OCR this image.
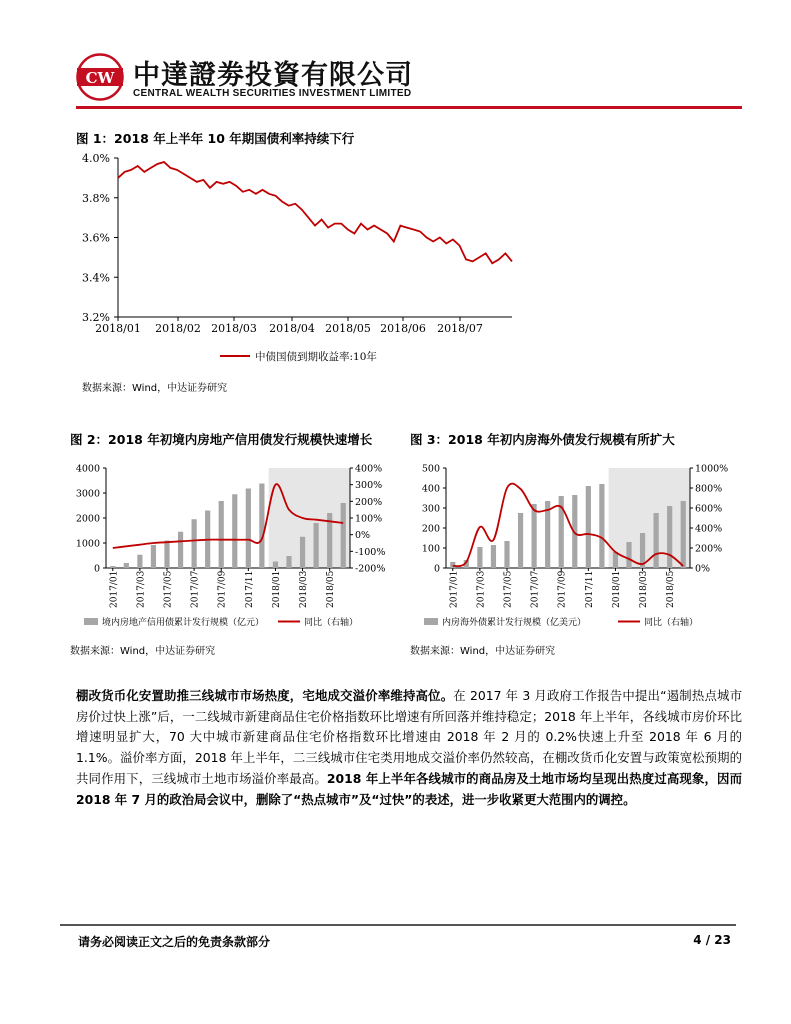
CW 中達證劵投資有限公司
CENTRAL WEALTH SECURITIES INVESTMENT LIMITED
图 1：2018 年上半年 10 年期国债利率持续下行
4.0%
3.8%
3.6%
3.4%
3.2%
2018/01 2018/02 2018/03 2018/04 2018/05 2018/06 2018/07
中债国债到期收益率:10年
数据来源：Wind，中达证券研究
图 2：2018 年初境内房地产信用债发行规模快速增长
4000
3000
2000
1000
0
400%
300%
200%
100%
0%
-100%
-200%
2017/01 2017/03 2017/05 2017/07 2017/09 2017/11 2018/01 2018/03 2018/05
境内房地产信用债累计发行规模（亿元）	同比（右轴）
数据来源：Wind，中达证券研究
图 3：2018 年初内房海外债发行规模有所扩大
500
400
300
200
100
0
1000%
800%
600%
400%
200%
0%
2017/01 2017/03 2017/05 2017/07 2017/09 2017/11 2018/01 2018/03 2018/05
内房海外债累计发行规模（亿美元）	同比（右轴）
数据来源：Wind，中达证券研究
棚改货币化安置助推三线城市市场热度，宅地成交溢价率维持高位。在 2017 年 3 月政府工作报告中提出“遏制热点城市房价过快上涨”后，一二线城市新建商品住宅价格指数环比增速有所回落并维持稳定；2018 年上半年，各线城市房价环比增速明显扩大，70 大中城市新建商品住宅价格指数环比增速由 2018 年 2 月的 0.2%快速上升至 2018 年 6 月的 1.1%。溢价率方面，2018 年上半年，二三线城市住宅类用地成交溢价率仍然较高，在棚改货币化安置与政策宽松预期的共同作用下，三线城市土地市场溢价率最高。2018 年上半年各线城市的商品房及土地市场均呈现出热度过高现象，因而 2018 年 7 月的政治局会议中，删除了“热点城市”及“过快”的表述，进一步收紧更大范围内的调控。
请务必阅读正文之后的免责条款部分	4 / 23
